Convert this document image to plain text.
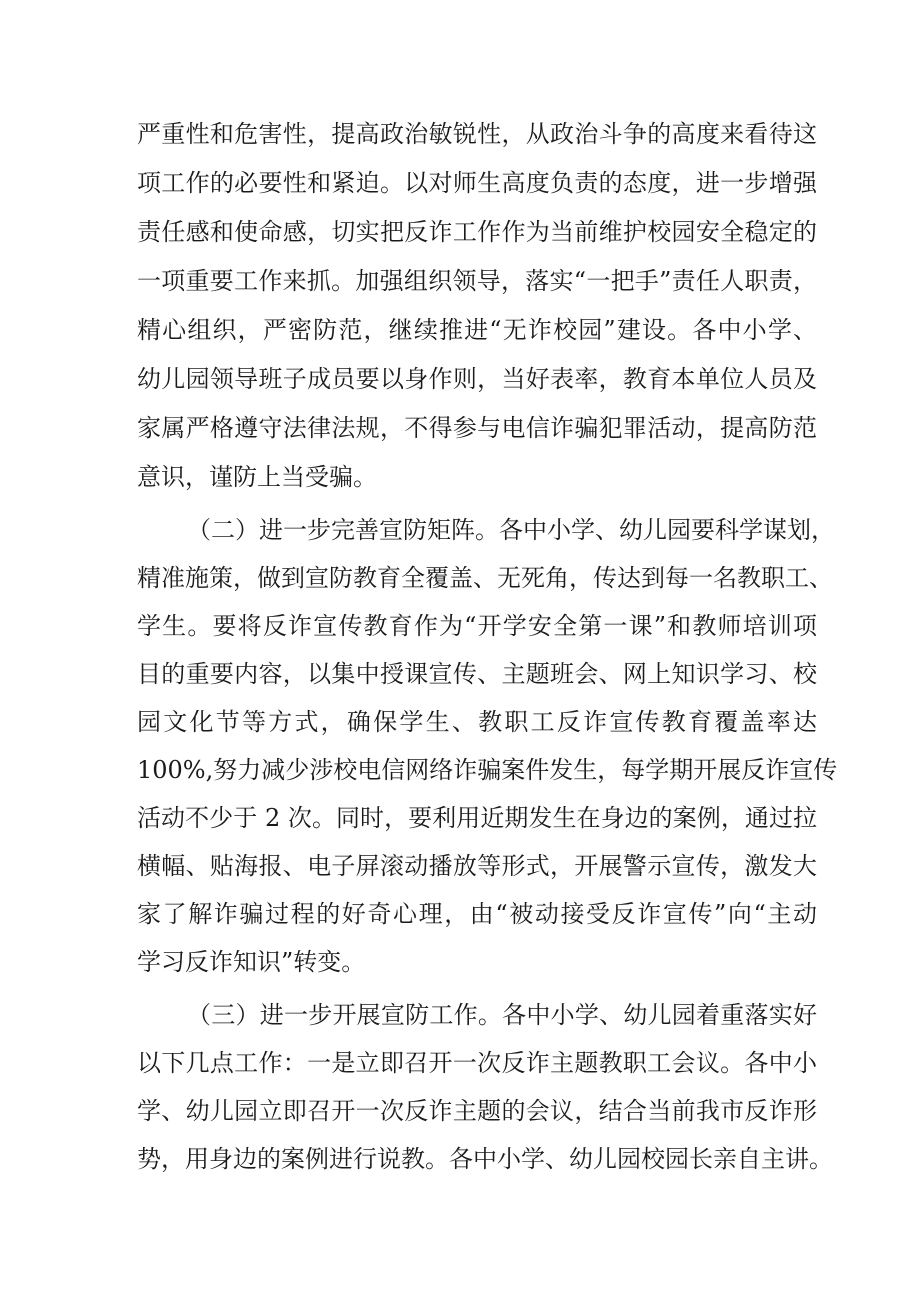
严重性和危害性，提高政治敏锐性，从政治斗争的高度来看待这
项工作的必要性和紧迫。以对师生高度负责的态度，进一步增强
责任感和使命感，切实把反诈工作作为当前维护校园安全稳定的
一项重要工作来抓。加强组织领导，落实“一把手”责任人职责，
精心组织，严密防范，继续推进“无诈校园”建设。各中小学、
幼儿园领导班子成员要以身作则，当好表率，教育本单位人员及
家属严格遵守法律法规，不得参与电信诈骗犯罪活动，提高防范
意识，谨防上当受骗。
（二）进一步完善宣防矩阵。各中小学、幼儿园要科学谋划，
精准施策，做到宣防教育全覆盖、无死角，传达到每一名教职工、
学生。要将反诈宣传教育作为“开学安全第一课”和教师培训项
目的重要内容，以集中授课宣传、主题班会、网上知识学习、校
园文化节等方式，确保学生、教职工反诈宣传教育覆盖率达
100%,努力减少涉校电信网络诈骗案件发生，每学期开展反诈宣传
活动不少于 2 次。同时，要利用近期发生在身边的案例，通过拉
横幅、贴海报、电子屏滚动播放等形式，开展警示宣传，激发大
家了解诈骗过程的好奇心理，由“被动接受反诈宣传”向“主动
学习反诈知识”转变。
（三）进一步开展宣防工作。各中小学、幼儿园着重落实好
以下几点工作：一是立即召开一次反诈主题教职工会议。各中小
学、幼儿园立即召开一次反诈主题的会议，结合当前我市反诈形
势，用身边的案例进行说教。各中小学、幼儿园校园长亲自主讲。
